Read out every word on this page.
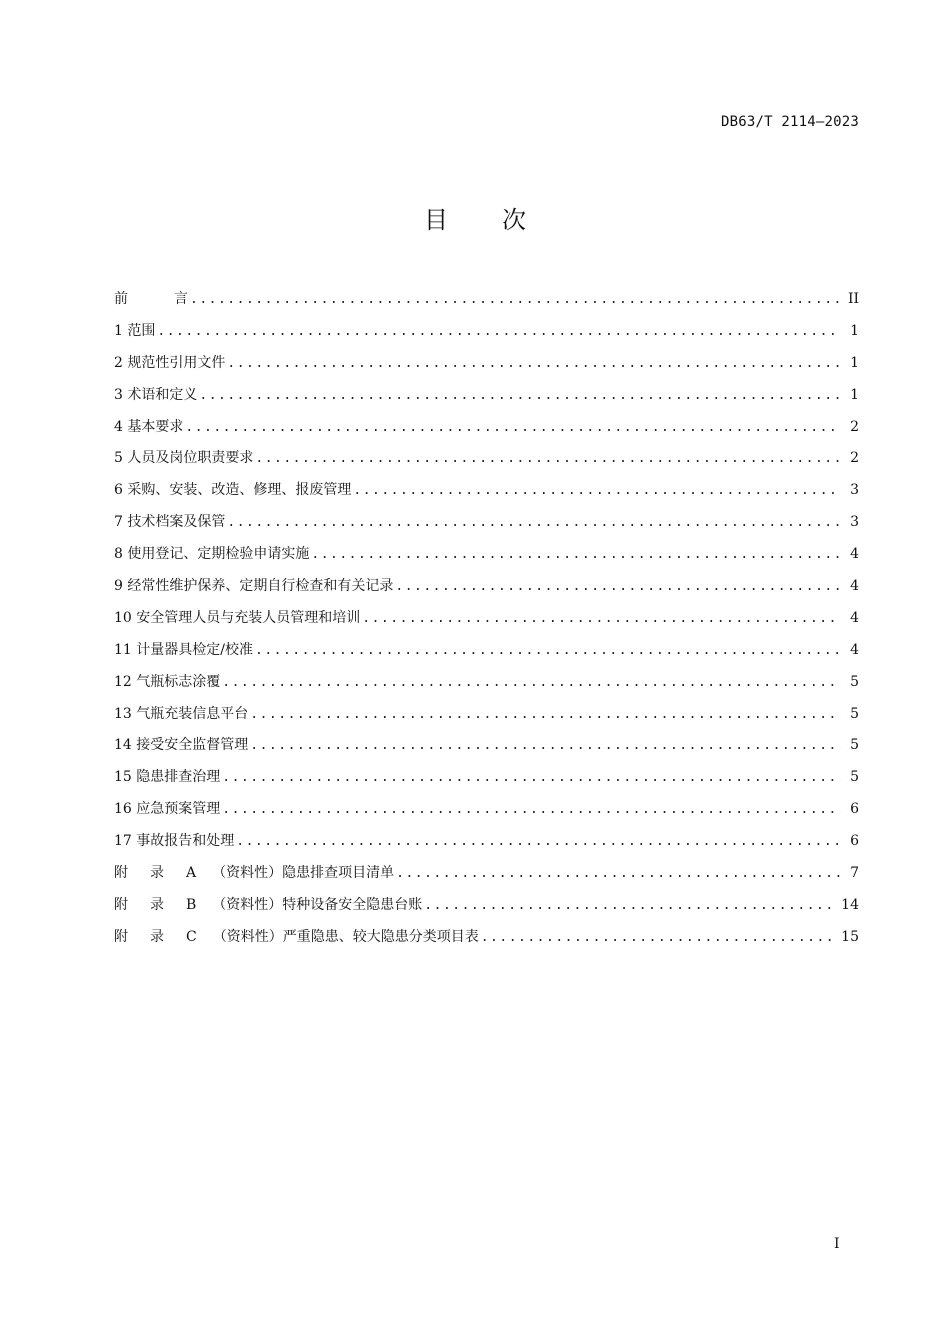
DB63/T 2114—2023
目次
前	言 .....	II
1 范围 .....	1
2 规范性引用文件 .....	1
3 术语和定义 .....	1
4 基本要求 .....	2
5 人员及岗位职责要求 .....	2
6 采购、安装、改造、修理、报废管理 .....	3
7 技术档案及保管 .....	3
8 使用登记、定期检验申请实施 .....	4
9 经常性维护保养、定期自行检查和有关记录 .....	4
10 安全管理人员与充装人员管理和培训 .....	4
11 计量器具检定/校准 .....	4
12 气瓶标志涂覆 .....	5
13 气瓶充装信息平台 .....	5
14 接受安全监督管理 .....	5
15 隐患排查治理 .....	5
16 应急预案管理 .....	6
17 事故报告和处理 .....	6
附 录 A （资料性）隐患排查项目清单 .....	7
附 录 B （资料性）特种设备安全隐患台账 .....	14
附 录 C （资料性）严重隐患、较大隐患分类项目表 .....	15
I
